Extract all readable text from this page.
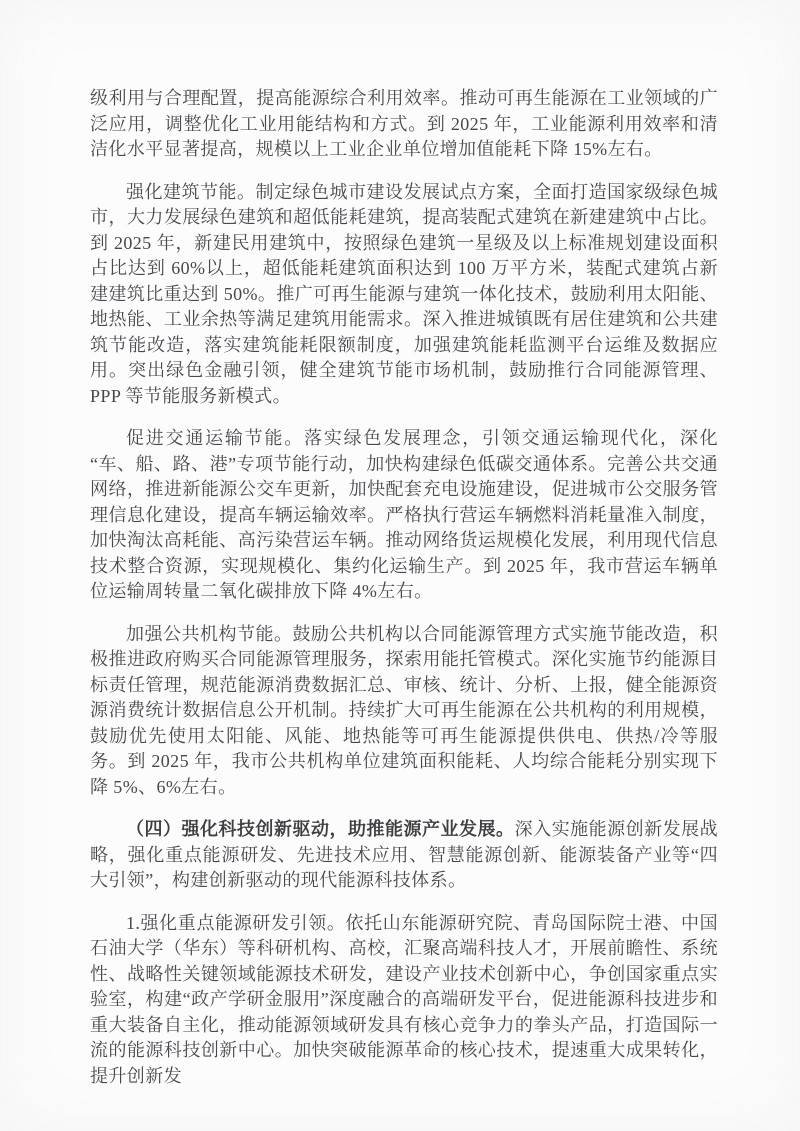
级利用与合理配置，提高能源综合利用效率。推动可再生能源在工业领域的广泛应用，调整优化工业用能结构和方式。到 2025 年，工业能源利用效率和清洁化水平显著提高，规模以上工业企业单位增加值能耗下降 15%左右。
强化建筑节能。制定绿色城市建设发展试点方案，全面打造国家级绿色城市，大力发展绿色建筑和超低能耗建筑，提高装配式建筑在新建建筑中占比。到 2025 年，新建民用建筑中，按照绿色建筑一星级及以上标准规划建设面积占比达到 60%以上，超低能耗建筑面积达到 100 万平方米，装配式建筑占新建建筑比重达到 50%。推广可再生能源与建筑一体化技术，鼓励利用太阳能、地热能、工业余热等满足建筑用能需求。深入推进城镇既有居住建筑和公共建筑节能改造，落实建筑能耗限额制度，加强建筑能耗监测平台运维及数据应用。突出绿色金融引领，健全建筑节能市场机制，鼓励推行合同能源管理、PPP 等节能服务新模式。
促进交通运输节能。落实绿色发展理念，引领交通运输现代化，深化“车、船、路、港”专项节能行动，加快构建绿色低碳交通体系。完善公共交通网络，推进新能源公交车更新，加快配套充电设施建设，促进城市公交服务管理信息化建设，提高车辆运输效率。严格执行营运车辆燃料消耗量准入制度，加快淘汰高耗能、高污染营运车辆。推动网络货运规模化发展，利用现代信息技术整合资源，实现规模化、集约化运输生产。到 2025 年，我市营运车辆单位运输周转量二氧化碳排放下降 4%左右。
加强公共机构节能。鼓励公共机构以合同能源管理方式实施节能改造，积极推进政府购买合同能源管理服务，探索用能托管模式。深化实施节约能源目标责任管理，规范能源消费数据汇总、审核、统计、分析、上报，健全能源资源消费统计数据信息公开机制。持续扩大可再生能源在公共机构的利用规模，鼓励优先使用太阳能、风能、地热能等可再生能源提供供电、供热/冷等服务。到 2025 年，我市公共机构单位建筑面积能耗、人均综合能耗分别实现下降 5%、6%左右。
（四）强化科技创新驱动，助推能源产业发展。深入实施能源创新发展战略，强化重点能源研发、先进技术应用、智慧能源创新、能源装备产业等“四大引领”，构建创新驱动的现代能源科技体系。
1.强化重点能源研发引领。依托山东能源研究院、青岛国际院士港、中国石油大学（华东）等科研机构、高校，汇聚高端科技人才，开展前瞻性、系统性、战略性关键领域能源技术研发，建设产业技术创新中心，争创国家重点实验室，构建“政产学研金服用”深度融合的高端研发平台，促进能源科技进步和重大装备自主化，推动能源领域研发具有核心竞争力的拳头产品，打造国际一流的能源科技创新中心。加快突破能源革命的核心技术，提速重大成果转化，提升创新发
